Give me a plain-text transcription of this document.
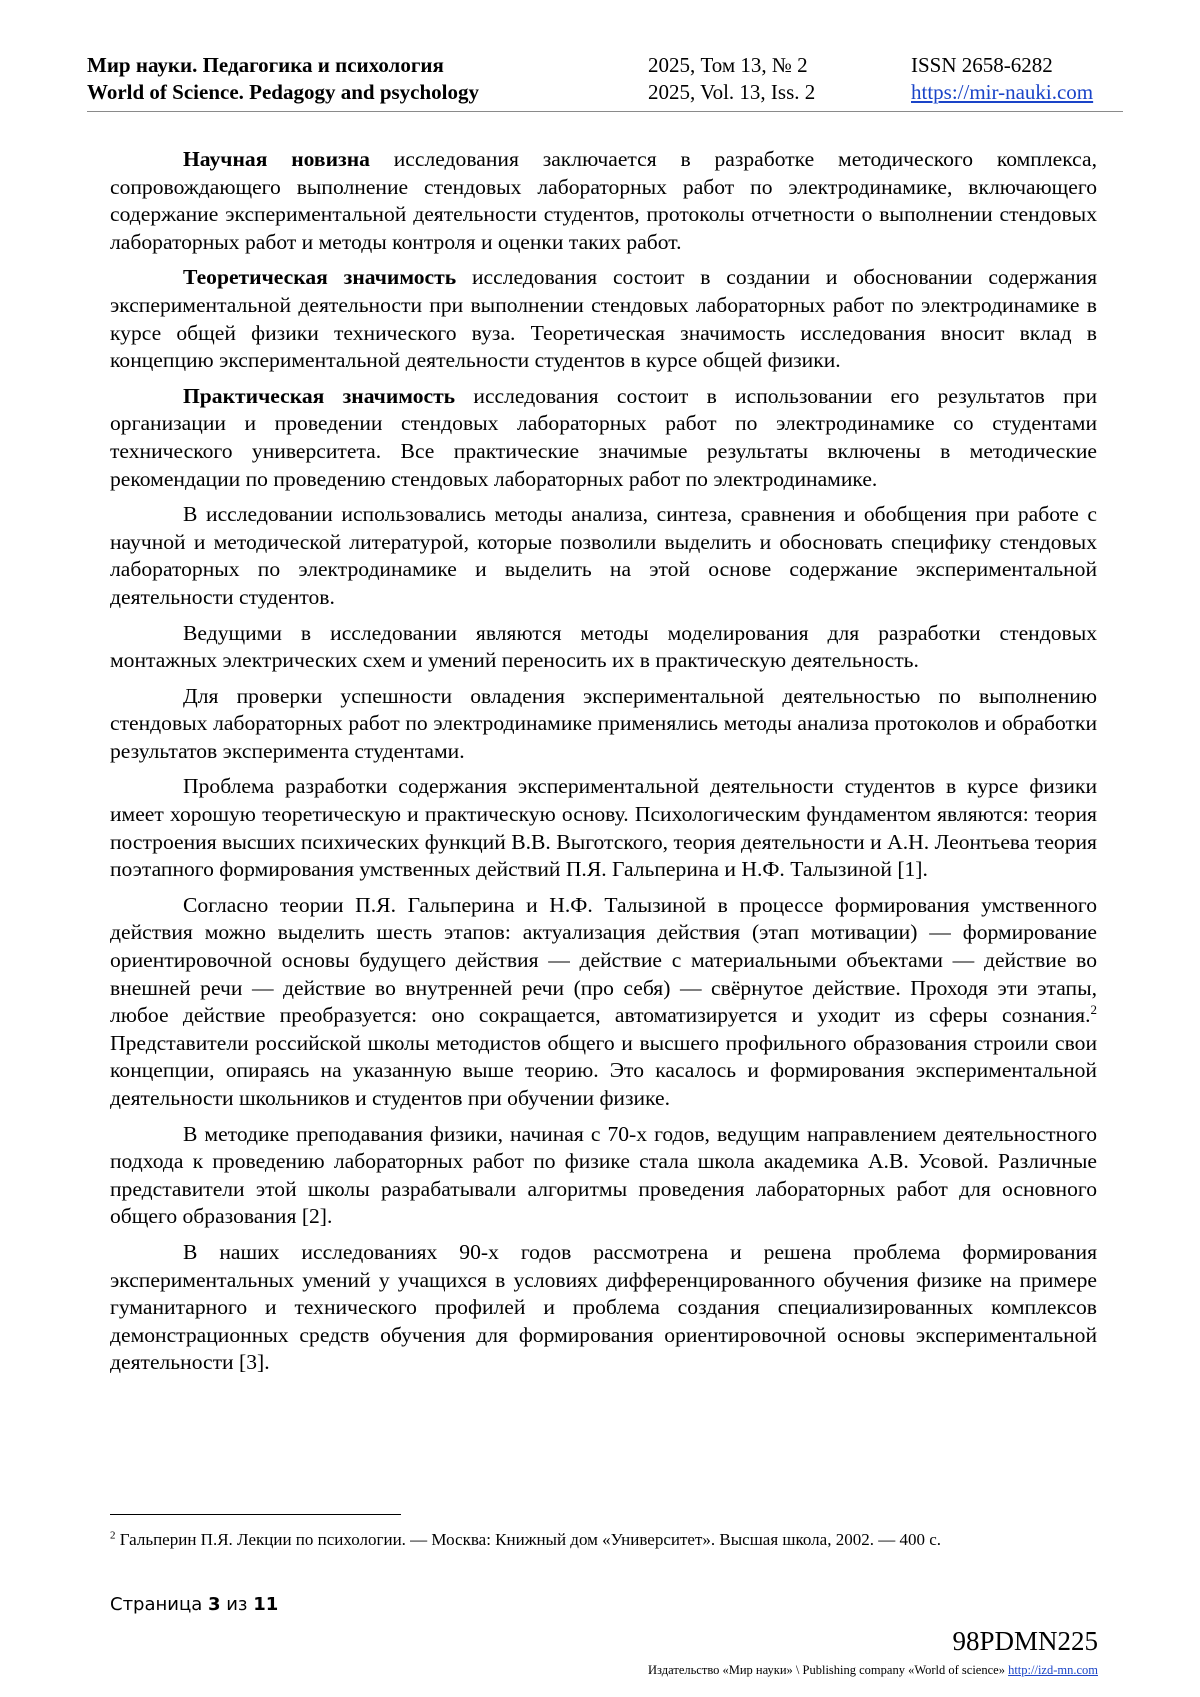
Мир науки. Педагогика и психология
World of Science. Pedagogy and psychology
2025, Том 13, № 2
2025, Vol. 13, Iss. 2
ISSN 2658-6282
https://mir-nauki.com

Научная новизна исследования заключается в разработке методического комплекса, сопровождающего выполнение стендовых лабораторных работ по электродинамике, включающего содержание экспериментальной деятельности студентов, протоколы отчетности о выполнении стендовых лабораторных работ и методы контроля и оценки таких работ.

Теоретическая значимость исследования состоит в создании и обосновании содержания экспериментальной деятельности при выполнении стендовых лабораторных работ по электродинамике в курсе общей физики технического вуза. Теоретическая значимость исследования вносит вклад в концепцию экспериментальной деятельности студентов в курсе общей физики.

Практическая значимость исследования состоит в использовании его результатов при организации и проведении стендовых лабораторных работ по электродинамике со студентами технического университета. Все практические значимые результаты включены в методические рекомендации по проведению стендовых лабораторных работ по электродинамике.

В исследовании использовались методы анализа, синтеза, сравнения и обобщения при работе с научной и методической литературой, которые позволили выделить и обосновать специфику стендовых лабораторных по электродинамике и выделить на этой основе содержание экспериментальной деятельности студентов.

Ведущими в исследовании являются методы моделирования для разработки стендовых монтажных электрических схем и умений переносить их в практическую деятельность.

Для проверки успешности овладения экспериментальной деятельностью по выполнению стендовых лабораторных работ по электродинамике применялись методы анализа протоколов и обработки результатов эксперимента студентами.

Проблема разработки содержания экспериментальной деятельности студентов в курсе физики имеет хорошую теоретическую и практическую основу. Психологическим фундаментом являются: теория построения высших психических функций В.В. Выготского, теория деятельности и А.Н. Леонтьева теория поэтапного формирования умственных действий П.Я. Гальперина и Н.Ф. Талызиной [1].

Согласно теории П.Я. Гальперина и Н.Ф. Талызиной в процессе формирования умственного действия можно выделить шесть этапов: актуализация действия (этап мотивации) — формирование ориентировочной основы будущего действия — действие с материальными объектами — действие во внешней речи — действие во внутренней речи (про себя) — свёрнутое действие. Проходя эти этапы, любое действие преобразуется: оно сокращается, автоматизируется и уходит из сферы сознания.$^2$ Представители российской школы методистов общего и высшего профильного образования строили свои концепции, опираясь на указанную выше теорию. Это касалось и формирования экспериментальной деятельности школьников и студентов при обучении физике.

В методике преподавания физики, начиная с 70-х годов, ведущим направлением деятельностного подхода к проведению лабораторных работ по физике стала школа академика А.В. Усовой. Различные представители этой школы разрабатывали алгоритмы проведения лабораторных работ для основного общего образования [2].

В наших исследованиях 90-х годов рассмотрена и решена проблема формирования экспериментальных умений у учащихся в условиях дифференцированного обучения физике на примере гуманитарного и технического профилей и проблема создания специализированных комплексов демонстрационных средств обучения для формирования ориентировочной основы экспериментальной деятельности [3].

$^2$ Гальперин П.Я. Лекции по психологии. — Москва: Книжный дом «Университет». Высшая школа, 2002. — 400 с.
Страница 3 из 11
98PDMN225
Издательство «Мир науки» \ Publishing company «World of science» http://izd-mn.com
